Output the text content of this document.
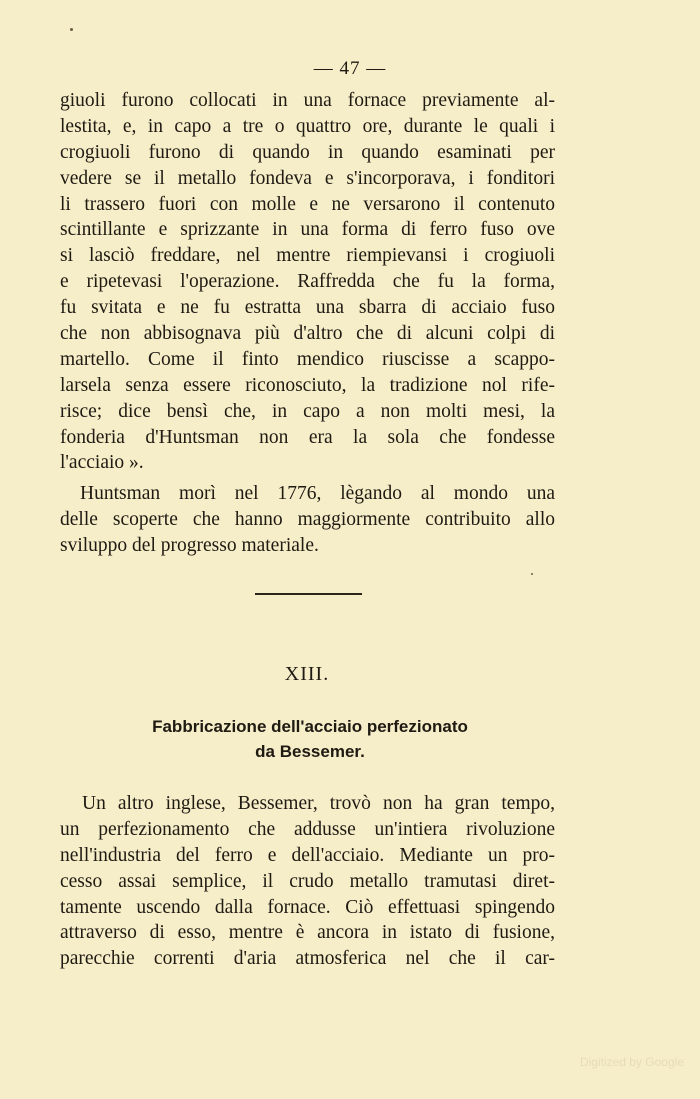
— 47 —

giuoli furono collocati in una fornace previamente al-
lestita, e, in capo a tre o quattro ore, durante le quali i
crogiuoli furono di quando in quando esaminati per
vedere se il metallo fondeva e s'incorporava, i fonditori
li trassero fuori con molle e ne versarono il contenuto
scintillante e sprizzante in una forma di ferro fuso ove
si lasciò freddare, nel mentre riempievansi i crogiuoli
e ripetevasi l'operazione. Raffredda che fu la forma,
fu svitata e ne fu estratta una sbarra di acciaio fuso
che non abbisognava più d'altro che di alcuni colpi di
martello. Come il finto mendico riuscisse a scappo-
larsela senza essere riconosciuto, la tradizione nol rife-
risce; dice bensì che, in capo a non molti mesi, la
fonderia d'Huntsman non era la sola che fondesse
l'acciaio ».

Huntsman morì nel 1776, lègando al mondo una
delle scoperte che hanno maggiormente contribuito allo
sviluppo del progresso materiale.

XIII.
Fabbricazione dell'acciaio perfezionato
da Bessemer.

Un altro inglese, Bessemer, trovò non ha gran tempo,
un perfezionamento che addusse un'intiera rivoluzione
nell'industria del ferro e dell'acciaio. Mediante un pro-
cesso assai semplice, il crudo metallo tramutasi diret-
tamente uscendo dalla fornace. Ciò effettuasi spingendo
attraverso di esso, mentre è ancora in istato di fusione,
parecchie correnti d'aria atmosferica nel che il car-

Digitized by Google
